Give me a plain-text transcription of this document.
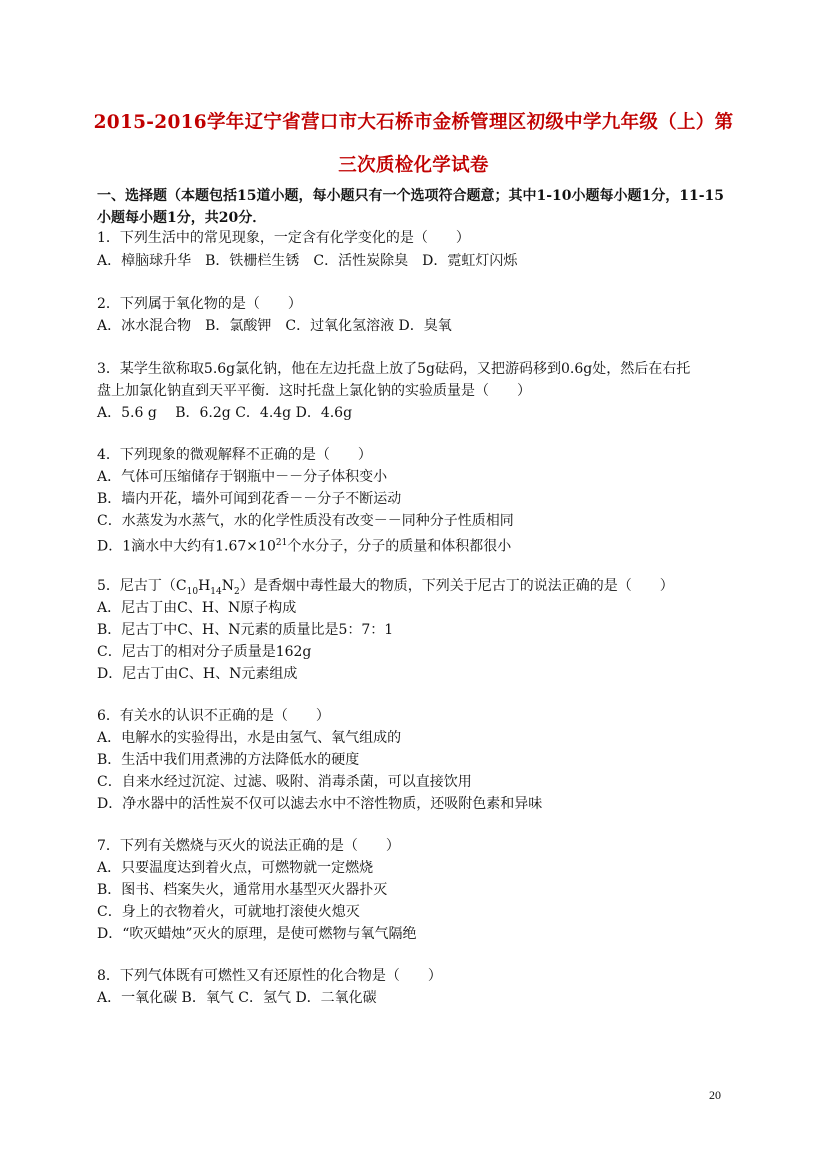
2015-2016学年辽宁省营口市大石桥市金桥管理区初级中学九年级（上）第
三次质检化学试卷
一、选择题（本题包括15道小题，每小题只有一个选项符合题意；其中1-10小题每小题1分，11-15
小题每小题1分，共20分．
1．下列生活中的常见现象，一定含有化学变化的是（　　）
A．樟脑球升华　B．铁栅栏生锈　C．活性炭除臭　D．霓虹灯闪烁
2．下列属于氧化物的是（　　）
A．冰水混合物　B．氯酸钾　C．过氧化氢溶液 D．臭氧
3．某学生欲称取5.6g氯化钠，他在左边托盘上放了5g砝码，又把游码移到0.6g处，然后在右托
盘上加氯化钠直到天平平衡．这时托盘上氯化钠的实验质量是（　　）
A．5.6 g　 B．6.2g C．4.4g D．4.6g
4．下列现象的微观解释不正确的是（　　）
A．气体可压缩储存于钢瓶中－－分子体积变小
B．墙内开花，墙外可闻到花香－－分子不断运动
C．水蒸发为水蒸气，水的化学性质没有改变－－同种分子性质相同
D．1滴水中大约有$1.67\times 10^{21}$个水分子，分子的质量和体积都很小
5．尼古丁$(C_{10}H_{14}N_2)$是香烟中毒性最大的物质，下列关于尼古丁的说法正确的是（　　）
A．尼古丁由C、H、N原子构成
B．尼古丁中C、H、N元素的质量比是5：7：1
C．尼古丁的相对分子质量是162g
D．尼古丁由C、H、N元素组成
6．有关水的认识不正确的是（　　）
A．电解水的实验得出，水是由氢气、氧气组成的
B．生活中我们用煮沸的方法降低水的硬度
C．自来水经过沉淀、过滤、吸附、消毒杀菌，可以直接饮用
D．净水器中的活性炭不仅可以滤去水中不溶性物质，还吸附色素和异味
7．下列有关燃烧与灭火的说法正确的是（　　）
A．只要温度达到着火点，可燃物就一定燃烧
B．图书、档案失火，通常用水基型灭火器扑灭
C．身上的衣物着火，可就地打滚使火熄灭
D．“吹灭蜡烛”灭火的原理，是使可燃物与氧气隔绝
8．下列气体既有可燃性又有还原性的化合物是（　　）
A．一氧化碳 B．氧气 C．氢气 D．二氧化碳
20
